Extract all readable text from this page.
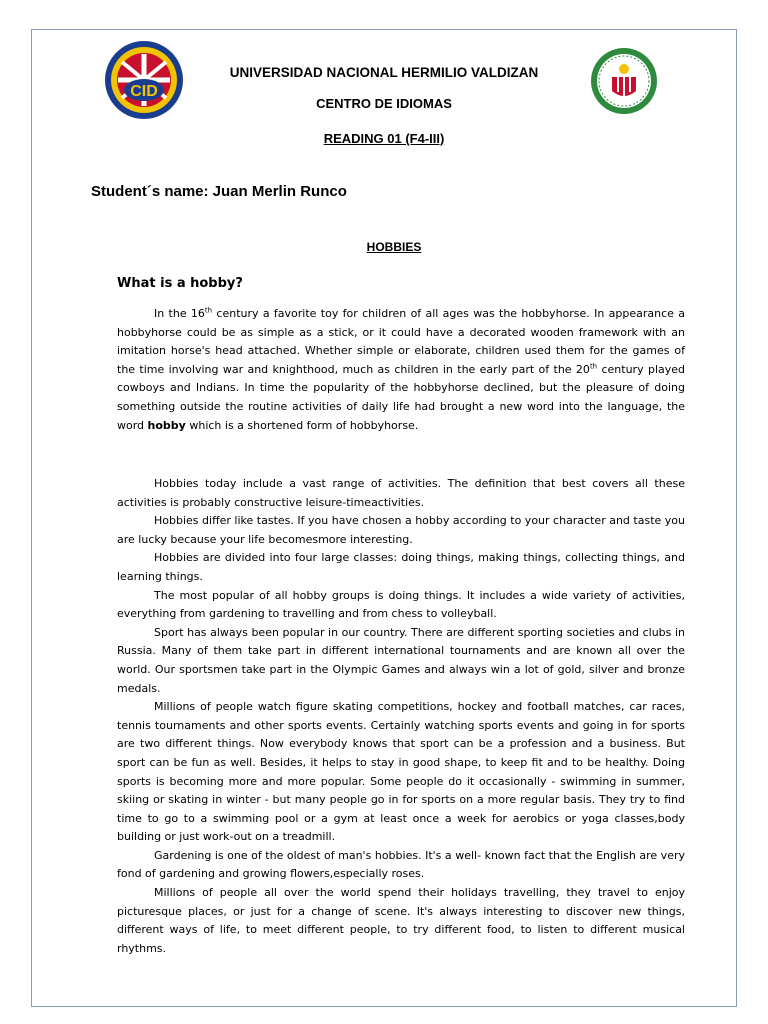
CID
UNIVERSIDAD NACIONAL HERMILIO VALDIZAN
CENTRO DE IDIOMAS
READING 01 (F4-III)
Student´s name: Juan Merlin Runco
HOBBIES
What is a hobby?

In the 16th century a favorite toy for children of all ages was the hobbyhorse. In appearance a hobbyhorse could be as simple as a stick, or it could have a decorated wooden framework with an imitation horse's head attached. Whether simple or elaborate, children used them for the games of the time involving war and knighthood, much as children in the early part of the 20th century played cowboys and Indians. In time the popularity of the hobbyhorse declined, but the pleasure of doing something outside the routine activities of daily life had brought a new word into the language, the word hobby which is a shortened form of hobbyhorse.

Hobbies today include a vast range of activities. The definition that best covers all these activities is probably constructive leisure-timeactivities.

Hobbies differ like tastes. If you have chosen a hobby according to your character and taste you are lucky because your life becomesmore interesting.

Hobbies are divided into four large classes: doing things, making things, collecting things, and learning things.

The most popular of all hobby groups is doing things. It includes a wide variety of activities, everything from gardening to travelling and from chess to volleyball.

Sport has always been popular in our country. There are different sporting societies and clubs in Russia. Many of them take part in different international tournaments and are known all over the world. Our sportsmen take part in the Olympic Games and always win a lot of gold, silver and bronze medals.

Millions of people watch figure skating competitions, hockey and football matches, car races, tennis tournaments and other sports events. Certainly watching sports events and going in for sports are two different things. Now everybody knows that sport can be a profession and a business. But sport can be fun as well. Besides, it helps to stay in good shape, to keep fit and to be healthy. Doing sports is becoming more and more popular. Some people do it occasionally - swimming in summer, skiing or skating in winter - but many people go in for sports on a more regular basis. They try to find time to go to a swimming pool or a gym at least once a week for aerobics or yoga classes,body building or just work-out on a treadmill.

Gardening is one of the oldest of man's hobbies. It's a well- known fact that the English are very fond of gardening and growing flowers,especially roses.

Millions of people all over the world spend their holidays travelling, they travel to enjoy picturesque places, or just for a change of scene. It's always interesting to discover new things, different ways of life, to meet different people, to try different food, to listen to different musical rhythms.
